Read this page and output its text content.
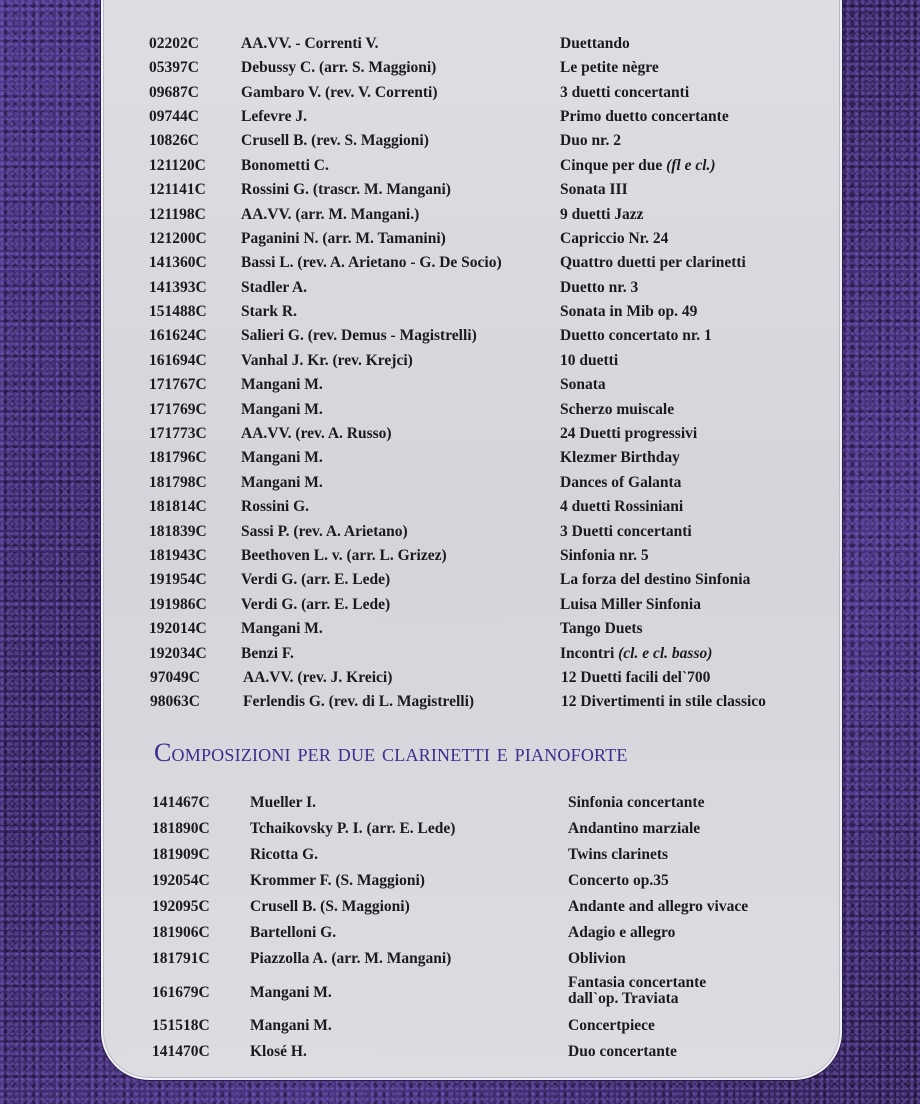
02202C	AA.VV. - Correnti V.	Duettando
05397C	Debussy C. (arr. S. Maggioni)	Le petite nègre
09687C	Gambaro V. (rev. V. Correnti)	3 duetti concertanti
09744C	Lefevre J.	Primo duetto concertante
10826C	Crusell B. (rev. S. Maggioni)	Duo nr. 2
121120C Bonometti C.	Cinque per due (fl e cl.)
121141C Rossini G. (trascr. M. Mangani)	Sonata III
121198C AA.VV. (arr. M. Mangani.)	9 duetti Jazz
121200C Paganini N. (arr. M. Tamanini)	Capriccio Nr. 24
141360C Bassi L. (rev. A. Arietano - G. De Socio)	Quattro duetti per clarinetti
141393C Stadler A.	Duetto nr. 3
151488C Stark R.	Sonata in Mib op. 49
161624C Salieri G. (rev. Demus - Magistrelli)	Duetto concertato nr. 1
161694C Vanhal J. Kr. (rev. Krejci)	10 duetti
171767C Mangani M.	Sonata
171769C Mangani M.	Scherzo muiscale
171773C AA.VV. (rev. A. Russo)	24 Duetti progressivi
181796C Mangani M.	Klezmer Birthday
181798C Mangani M.	Dances of Galanta
181814C Rossini G.	4 duetti Rossiniani
181839C Sassi P. (rev. A. Arietano)	3 Duetti concertanti
181943C Beethoven L. v. (arr. L. Grizez)	Sinfonia nr. 5
191954C Verdi G. (arr. E. Lede)	La forza del destino Sinfonia
191986C Verdi G. (arr. E. Lede)	Luisa Miller Sinfonia
192014C Mangani M.	Tango Duets
192034C Benzi F.	Incontri (cl. e cl. basso)
97049C	AA.VV. (rev. J. Kreici)	12 Duetti facili del`700
98063C	Ferlendis G. (rev. di L. Magistrelli)	12 Divertimenti in stile classico
Composizioni per due clarinetti e pianoforte
141467C	Mueller I.	Sinfonia concertante
181890C	Tchaikovsky P. I. (arr. E. Lede)	Andantino marziale
181909C	Ricotta G.	Twins clarinets
192054C	Krommer F. (S. Maggioni)	Concerto op.35
192095C	Crusell B. (S. Maggioni)	Andante and allegro vivace
181906C	Bartelloni G.	Adagio e allegro
181791C	Piazzolla A. (arr. M. Mangani)	Oblivion
161679C	Mangani M.
Fantasia concertante
dall`op. Traviata
151518C	Mangani M.	Concertpiece
141470C	Klosé H.	Duo concertante
